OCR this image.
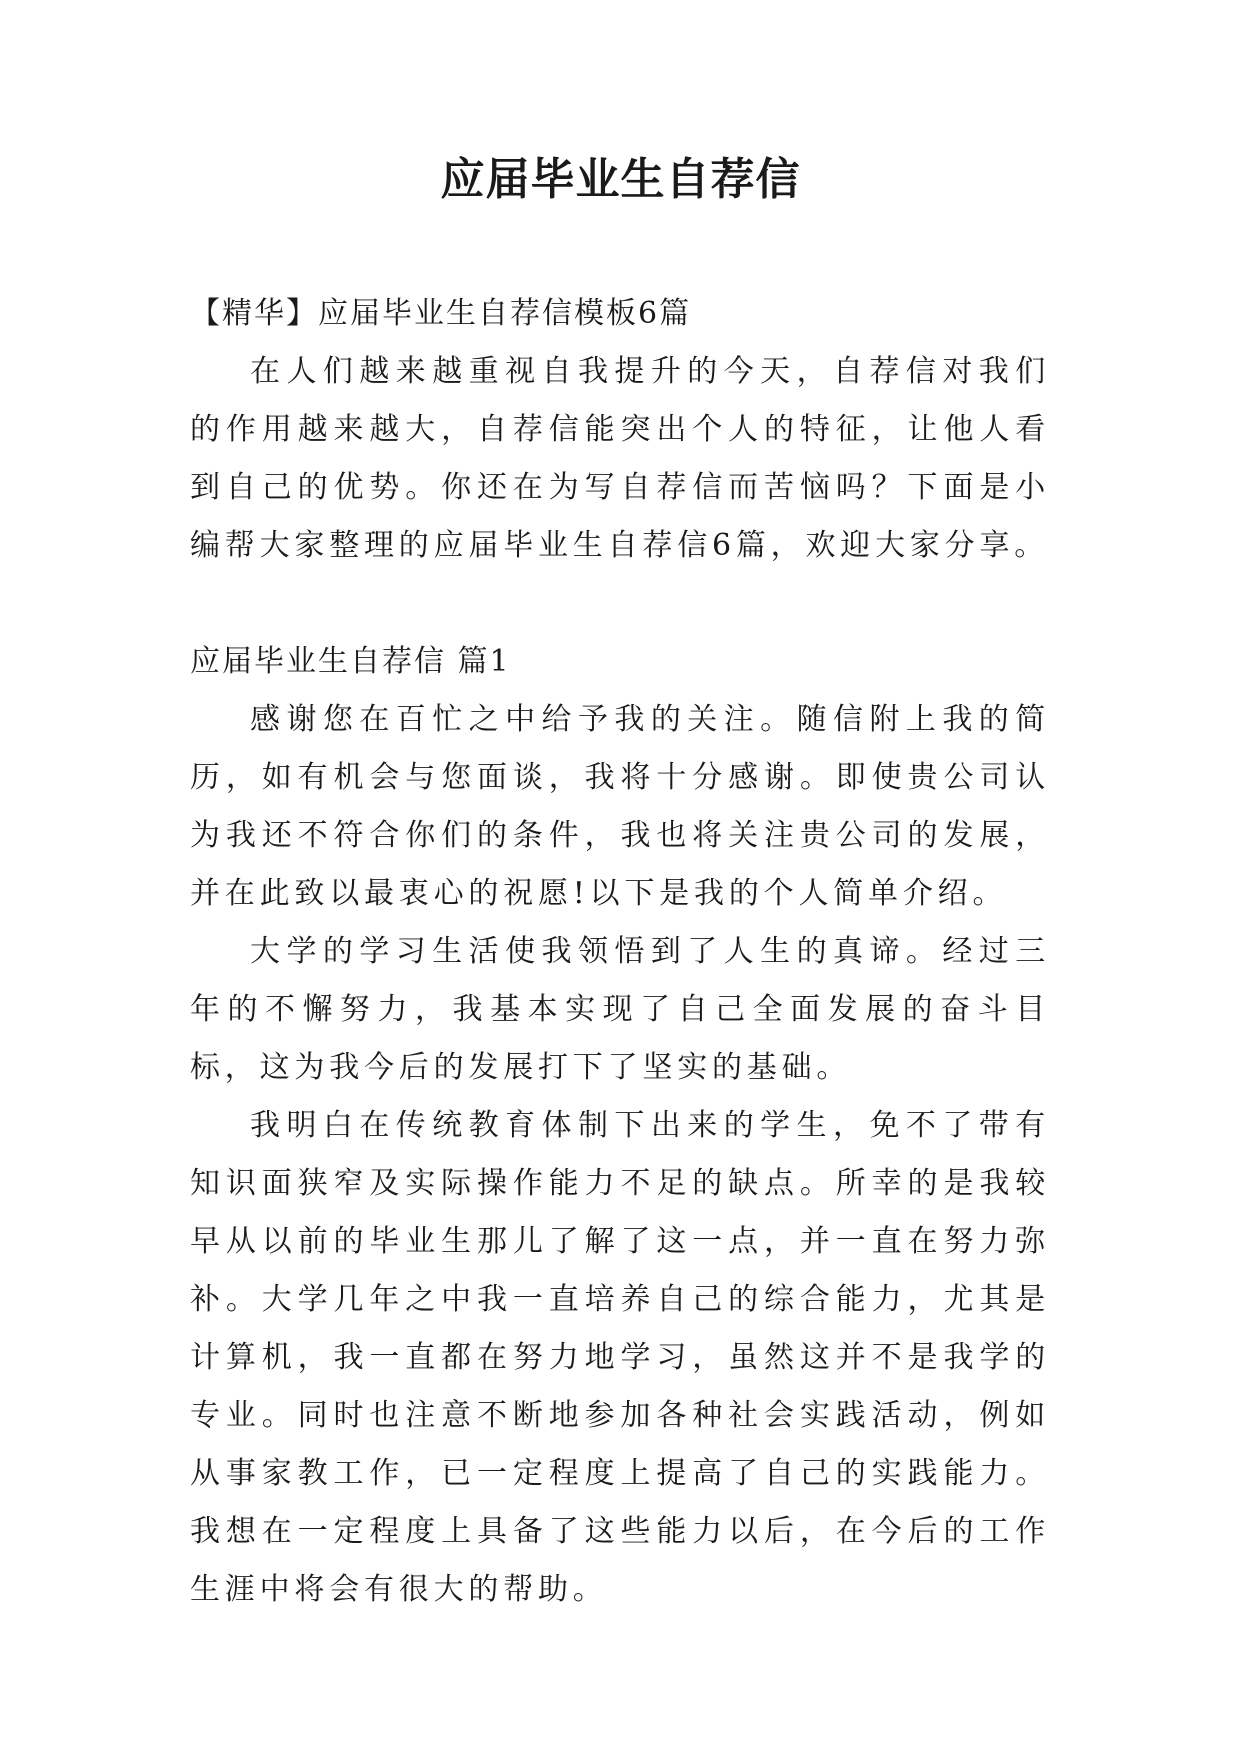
应届毕业生自荐信

【精华】应届毕业生自荐信模板6篇

在人们越来越重视自我提升的今天，自荐信对我们的作用越来越大，自荐信能突出个人的特征，让他人看到自己的优势。你还在为写自荐信而苦恼吗？下面是小编帮大家整理的应届毕业生自荐信6篇，欢迎大家分享。

应届毕业生自荐信 篇1

感谢您在百忙之中给予我的关注。随信附上我的简历，如有机会与您面谈，我将十分感谢。即使贵公司认为我还不符合你们的条件，我也将关注贵公司的发展，并在此致以最衷心的祝愿!以下是我的个人简单介绍。

大学的学习生活使我领悟到了人生的真谛。经过三年的不懈努力，我基本实现了自己全面发展的奋斗目标，这为我今后的发展打下了坚实的基础。

我明白在传统教育体制下出来的学生，免不了带有知识面狭窄及实际操作能力不足的缺点。所幸的是我较早从以前的毕业生那儿了解了这一点，并一直在努力弥补。大学几年之中我一直培养自己的综合能力，尤其是计算机，我一直都在努力地学习，虽然这并不是我学的专业。同时也注意不断地参加各种社会实践活动，例如从事家教工作，已一定程度上提高了自己的实践能力。我想在一定程度上具备了这些能力以后，在今后的工作生涯中将会有很大的帮助。
